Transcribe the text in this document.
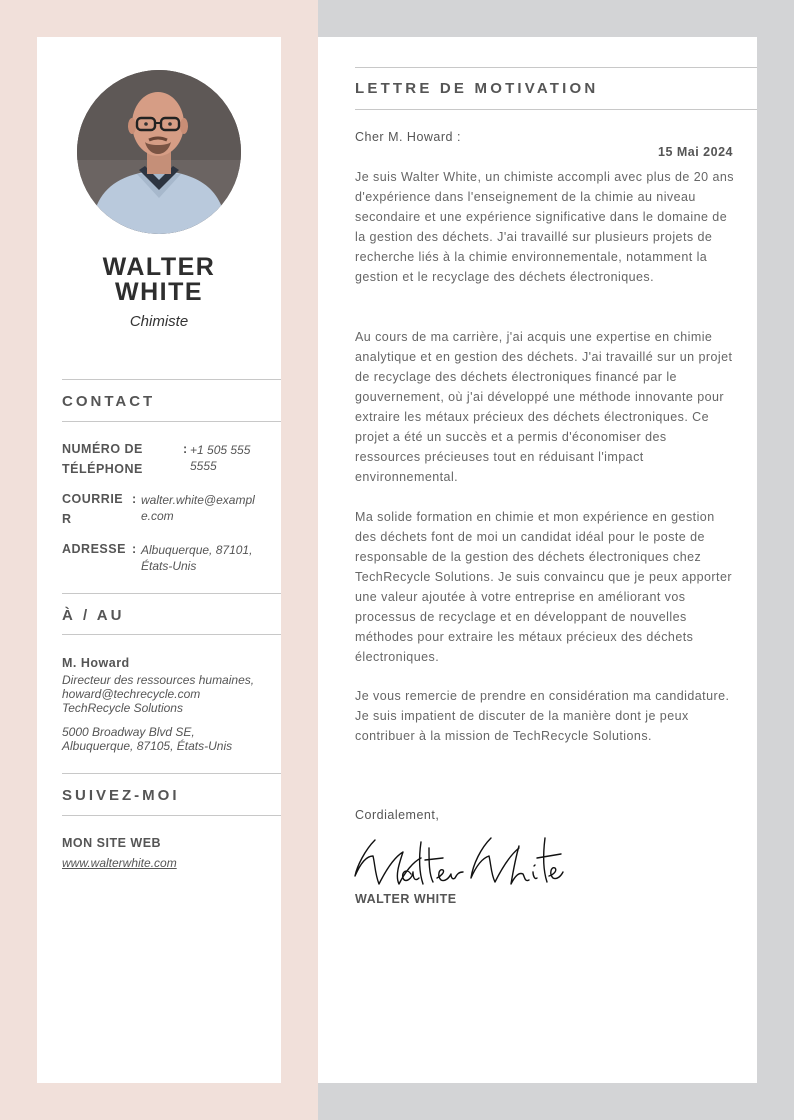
WALTER
WHITE
Chimiste
CONTACT
NUMÉRO DE
TÉLÉPHONE
: +1 505 555
5555
COURRIE
R
: walter.white@exampl
e.com
ADRESSE : Albuquerque, 87101,
États-Unis
À / AU
M. Howard
Directeur des ressources humaines,
howard@techrecycle.com
TechRecycle Solutions
5000 Broadway Blvd SE,
Albuquerque, 87105, États-Unis
SUIVEZ-MOI
MON SITE WEB
www.walterwhite.com
LETTRE DE MOTIVATION
Cher M. Howard :
15 Mai 2024
Je suis Walter White, un chimiste accompli avec plus de 20 ans d'expérience dans l'enseignement de la chimie au niveau secondaire et une expérience significative dans le domaine de la gestion des déchets. J'ai travaillé sur plusieurs projets de recherche liés à la chimie environnementale, notamment la gestion et le recyclage des déchets électroniques.
Au cours de ma carrière, j'ai acquis une expertise en chimie analytique et en gestion des déchets. J'ai travaillé sur un projet de recyclage des déchets électroniques financé par le gouvernement, où j'ai développé une méthode innovante pour extraire les métaux précieux des déchets électroniques. Ce projet a été un succès et a permis d'économiser des ressources précieuses tout en réduisant l'impact environnemental.
Ma solide formation en chimie et mon expérience en gestion des déchets font de moi un candidat idéal pour le poste de responsable de la gestion des déchets électroniques chez TechRecycle Solutions. Je suis convaincu que je peux apporter une valeur ajoutée à votre entreprise en améliorant vos processus de recyclage et en développant de nouvelles méthodes pour extraire les métaux précieux des déchets électroniques.
Je vous remercie de prendre en considération ma candidature. Je suis impatient de discuter de la manière dont je peux contribuer à la mission de TechRecycle Solutions.
Cordialement,
WALTER WHITE
